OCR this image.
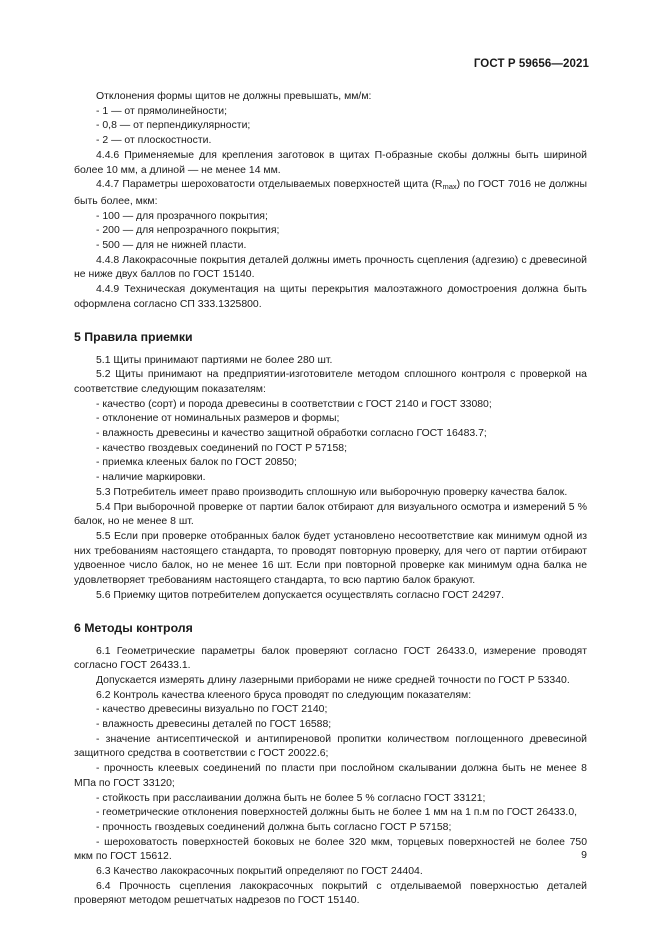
ГОСТ Р 59656—2021

Отклонения формы щитов не должны превышать, мм/м:

- 1 — от прямолинейности;

- 0,8 — от перпендикулярности;

- 2 — от плоскостности.

4.4.6 Применяемые для крепления заготовок в щитах П-образные скобы должны быть шириной более 10 мм, а длиной — не менее 14 мм.

4.4.7 Параметры шероховатости отделываемых поверхностей щита $(R_{max})$ по ГОСТ 7016 не должны быть более, мкм:

- 100 — для прозрачного покрытия;

- 200 — для непрозрачного покрытия;

- 500 — для не нижней пласти.

4.4.8 Лакокрасочные покрытия деталей должны иметь прочность сцепления (адгезию) с древесиной не ниже двух баллов по ГОСТ 15140.

4.4.9 Техническая документация на щиты перекрытия малоэтажного домостроения должна быть оформлена согласно СП 333.1325800.

5 Правила приемки

5.1 Щиты принимают партиями не более 280 шт.

5.2 Щиты принимают на предприятии-изготовителе методом сплошного контроля с проверкой на соответствие следующим показателям:

- качество (сорт) и порода древесины в соответствии с ГОСТ 2140 и ГОСТ 33080;

- отклонение от номинальных размеров и формы;

- влажность древесины и качество защитной обработки согласно ГОСТ 16483.7;

- качество гвоздевых соединений по ГОСТ Р 57158;

- приемка клееных балок по ГОСТ 20850;

- наличие маркировки.

5.3 Потребитель имеет право производить сплошную или выборочную проверку качества балок.

5.4 При выборочной проверке от партии балок отбирают для визуального осмотра и измерений 5 % балок, но не менее 8 шт.

5.5 Если при проверке отобранных балок будет установлено несоответствие как минимум одной из них требованиям настоящего стандарта, то проводят повторную проверку, для чего от партии отбирают удвоенное число балок, но не менее 16 шт. Если при повторной проверке как минимум одна балка не удовлетворяет требованиям настоящего стандарта, то всю партию балок бракуют.

5.6 Приемку щитов потребителем допускается осуществлять согласно ГОСТ 24297.

6 Методы контроля

6.1 Геометрические параметры балок проверяют согласно ГОСТ 26433.0, измерение проводят согласно ГОСТ 26433.1.

Допускается измерять длину лазерными приборами не ниже средней точности по ГОСТ Р 53340.

6.2 Контроль качества клееного бруса проводят по следующим показателям:

- качество древесины визуально по ГОСТ 2140;

- влажность древесины деталей по ГОСТ 16588;

- значение антисептической и антипиреновой пропитки количеством поглощенного древесиной защитного средства в соответствии с ГОСТ 20022.6;

- прочность клеевых соединений по пласти при послойном скалывании должна быть не менее 8 МПа по ГОСТ 33120;

- стойкость при расслаивании должна быть не более 5 % согласно ГОСТ 33121;

- геометрические отклонения поверхностей должны быть не более 1 мм на 1 п.м по ГОСТ 26433.0,

- прочность гвоздевых соединений должна быть согласно ГОСТ Р 57158;

- шероховатость поверхностей боковых не более 320 мкм, торцевых поверхностей не более 750 мкм по ГОСТ 15612.

6.3 Качество лакокрасочных покрытий определяют по ГОСТ 24404.

6.4 Прочность сцепления лакокрасочных покрытий с отделываемой поверхностью деталей проверяют методом решетчатых надрезов по ГОСТ 15140.

9
